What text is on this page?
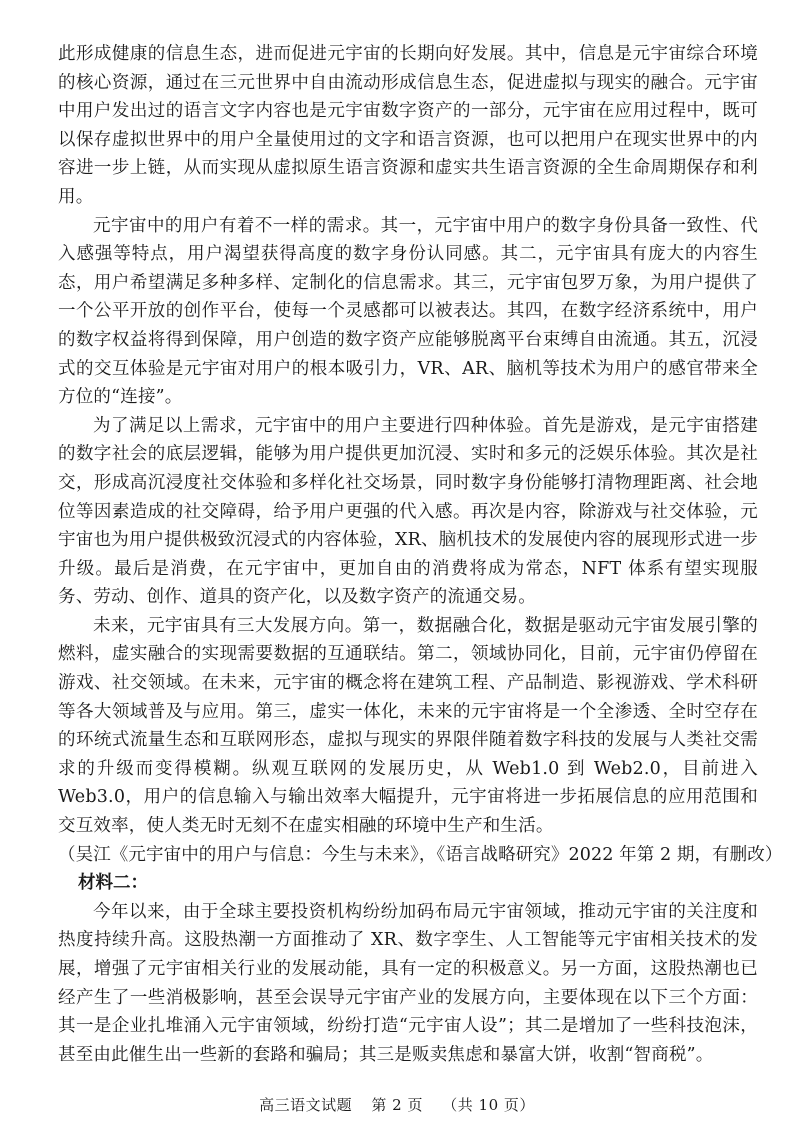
此形成健康的信息生态，进而促进元宇宙的长期向好发展。其中，信息是元宇宙综合环境的核心资源，通过在三元世界中自由流动形成信息生态，促进虚拟与现实的融合。元宇宙中用户发出过的语言文字内容也是元宇宙数字资产的一部分，元宇宙在应用过程中，既可以保存虚拟世界中的用户全量使用过的文字和语言资源，也可以把用户在现实世界中的内容进一步上链，从而实现从虚拟原生语言资源和虚实共生语言资源的全生命周期保存和利用。

元宇宙中的用户有着不一样的需求。其一，元宇宙中用户的数字身份具备一致性、代入感强等特点，用户渴望获得高度的数字身份认同感。其二，元宇宙具有庞大的内容生态，用户希望满足多种多样、定制化的信息需求。其三，元宇宙包罗万象，为用户提供了一个公平开放的创作平台，使每一个灵感都可以被表达。其四，在数字经济系统中，用户的数字权益将得到保障，用户创造的数字资产应能够脱离平台束缚自由流通。其五，沉浸式的交互体验是元宇宙对用户的根本吸引力，VR、AR、脑机等技术为用户的感官带来全方位的“连接”。

为了满足以上需求，元宇宙中的用户主要进行四种体验。首先是游戏，是元宇宙搭建的数字社会的底层逻辑，能够为用户提供更加沉浸、实时和多元的泛娱乐体验。其次是社交，形成高沉浸度社交体验和多样化社交场景，同时数字身份能够打清物理距离、社会地位等因素造成的社交障碍，给予用户更强的代入感。再次是内容，除游戏与社交体验，元宇宙也为用户提供极致沉浸式的内容体验，XR、脑机技术的发展使内容的展现形式进一步升级。最后是消费，在元宇宙中，更加自由的消费将成为常态，NFT 体系有望实现服务、劳动、创作、道具的资产化，以及数字资产的流通交易。

未来，元宇宙具有三大发展方向。第一，数据融合化，数据是驱动元宇宙发展引擎的燃料，虚实融合的实现需要数据的互通联结。第二，领域协同化，目前，元宇宙仍停留在游戏、社交领域。在未来，元宇宙的概念将在建筑工程、产品制造、影视游戏、学术科研等各大领域普及与应用。第三，虚实一体化，未来的元宇宙将是一个全渗透、全时空存在的环统式流量生态和互联网形态，虚拟与现实的界限伴随着数字科技的发展与人类社交需求的升级而变得模糊。纵观互联网的发展历史，从 Web1.0 到 Web2.0，目前进入 Web3.0，用户的信息输入与输出效率大幅提升，元宇宙将进一步拓展信息的应用范围和交互效率，使人类无时无刻不在虚实相融的环境中生产和生活。

（吴江《元宇宙中的用户与信息：今生与未来》，《语言战略研究》2022 年第 2 期，有删改）

材料二：

今年以来，由于全球主要投资机构纷纷加码布局元宇宙领域，推动元宇宙的关注度和热度持续升高。这股热潮一方面推动了 XR、数字孪生、人工智能等元宇宙相关技术的发展，增强了元宇宙相关行业的发展动能，具有一定的积极意义。另一方面，这股热潮也已经产生了一些消极影响，甚至会误导元宇宙产业的发展方向，主要体现在以下三个方面：其一是企业扎堆涌入元宇宙领域，纷纷打造“元宇宙人设”；其二是增加了一些科技泡沫，甚至由此催生出一些新的套路和骗局；其三是贩卖焦虑和暴富大饼，收割“智商税”。

高三语文试题 第 2 页 （共 10 页）
